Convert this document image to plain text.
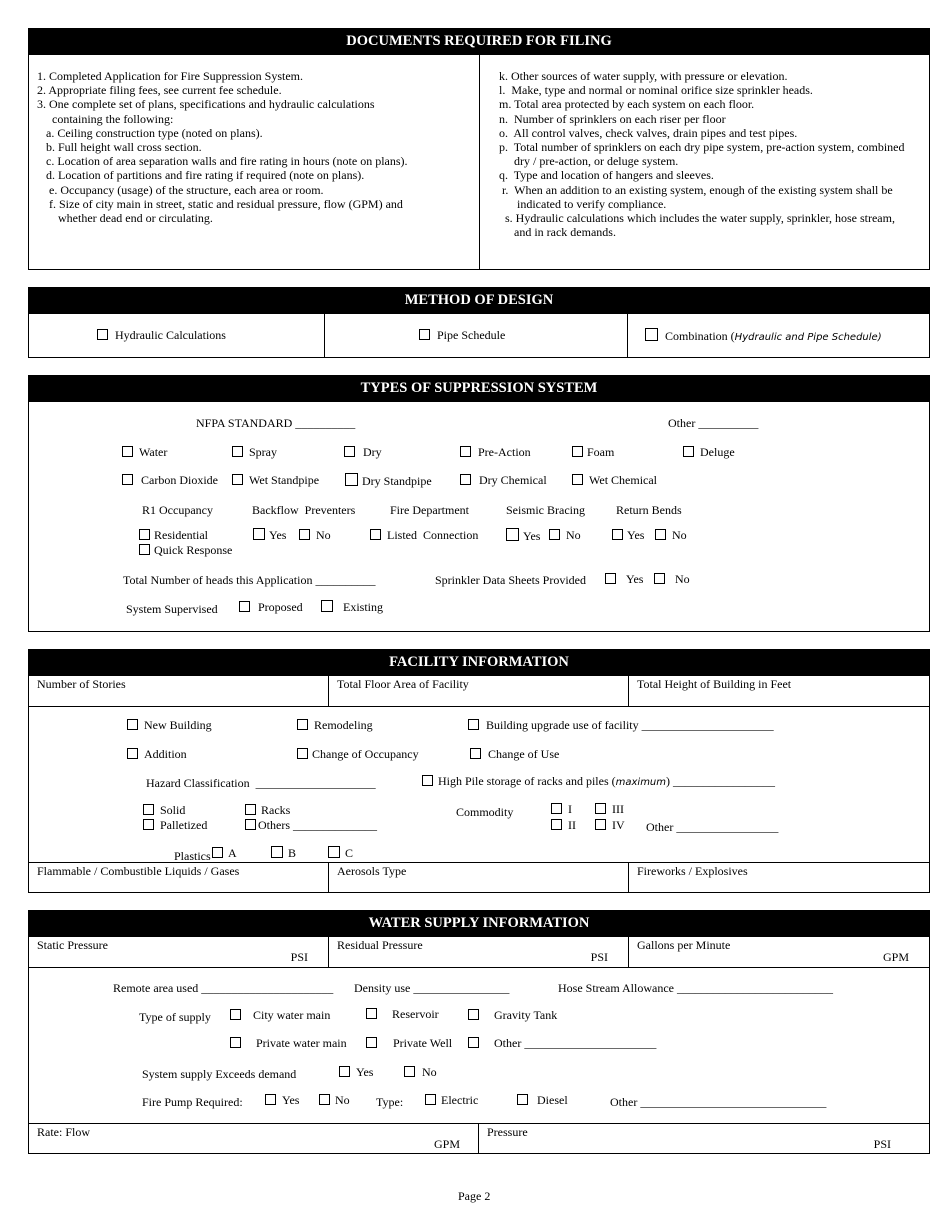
DOCUMENTS REQUIRED FOR FILING
1. Completed Application for Fire Suppression System.
2. Appropriate filing fees, see current fee schedule.
3. One complete set of plans, specifications and hydraulic calculations
containing the following:
a. Ceiling construction type (noted on plans).
b. Full height wall cross section.
c. Location of area separation walls and fire rating in hours (note on plans).
d. Location of partitions and fire rating if required (note on plans).
e. Occupancy (usage) of the structure, each area or room.
f. Size of city main in street, static and residual pressure, flow (GPM) and
whether dead end or circulating.
k. Other sources of water supply, with pressure or elevation.
l.  Make, type and normal or nominal orifice size sprinkler heads.
m. Total area protected by each system on each floor.
n.  Number of sprinklers on each riser per floor
o.  All control valves, check valves, drain pipes and test pipes.
p.  Total number of sprinklers on each dry pipe system, pre-action system, combined
dry / pre-action, or deluge system.
q.  Type and location of hangers and sleeves.
r.  When an addition to an existing system, enough of the existing system shall be
indicated to verify compliance.
s. Hydraulic calculations which includes the water supply, sprinkler, hose stream,
and in rack demands.
METHOD OF DESIGN
Hydraulic Calculations	Pipe Schedule	Combination (Hydraulic and Pipe Schedule)
TYPES OF SUPPRESSION SYSTEM
NFPA STANDARD __________	Other __________
Water	Spray	Dry	Pre-Action	Foam	Deluge
Carbon Dioxide	Wet Standpipe	Dry Standpipe	Dry Chemical	Wet Chemical
R1 Occupancy	Backflow  Preventers	Fire Department	Seismic Bracing	Return Bends
Residential
Quick Response
Yes	No	Listed  Connection	Yes	No	Yes	No
Total Number of heads this Application __________	Sprinkler Data Sheets Provided	Yes	No
System Supervised	Proposed	Existing
FACILITY INFORMATION
Number of Stories	Total Floor Area of Facility	Total Height of Building in Feet
New Building	Remodeling	Building upgrade use of facility ______________________
Addition	Change of Occupancy	Change of Use
Hazard Classification  ____________________	High Pile storage of racks and piles (maximum) _________________
Solid	Racks
Palletized	Others ______________
Commodity	I	III
II	IV Other _________________
Plastics	A	B	C
Flammable / Combustible Liquids / Gases	Aerosols Type	Fireworks / Explosives
WATER SUPPLY INFORMATION
Static Pressure
PSI
Residual Pressure
PSI
Gallons per Minute
GPM
Remote area used ______________________ Density use ________________	Hose Stream Allowance __________________________
Type of supply	City water main	Reservoir	Gravity Tank
Private water main	Private Well	Other ______________________
System supply Exceeds demand	Yes	No
Fire Pump Required:	Yes	No Type:	Electric	Diesel	Other _______________________________
Rate: Flow
GPM
Pressure
PSI
Page 2
